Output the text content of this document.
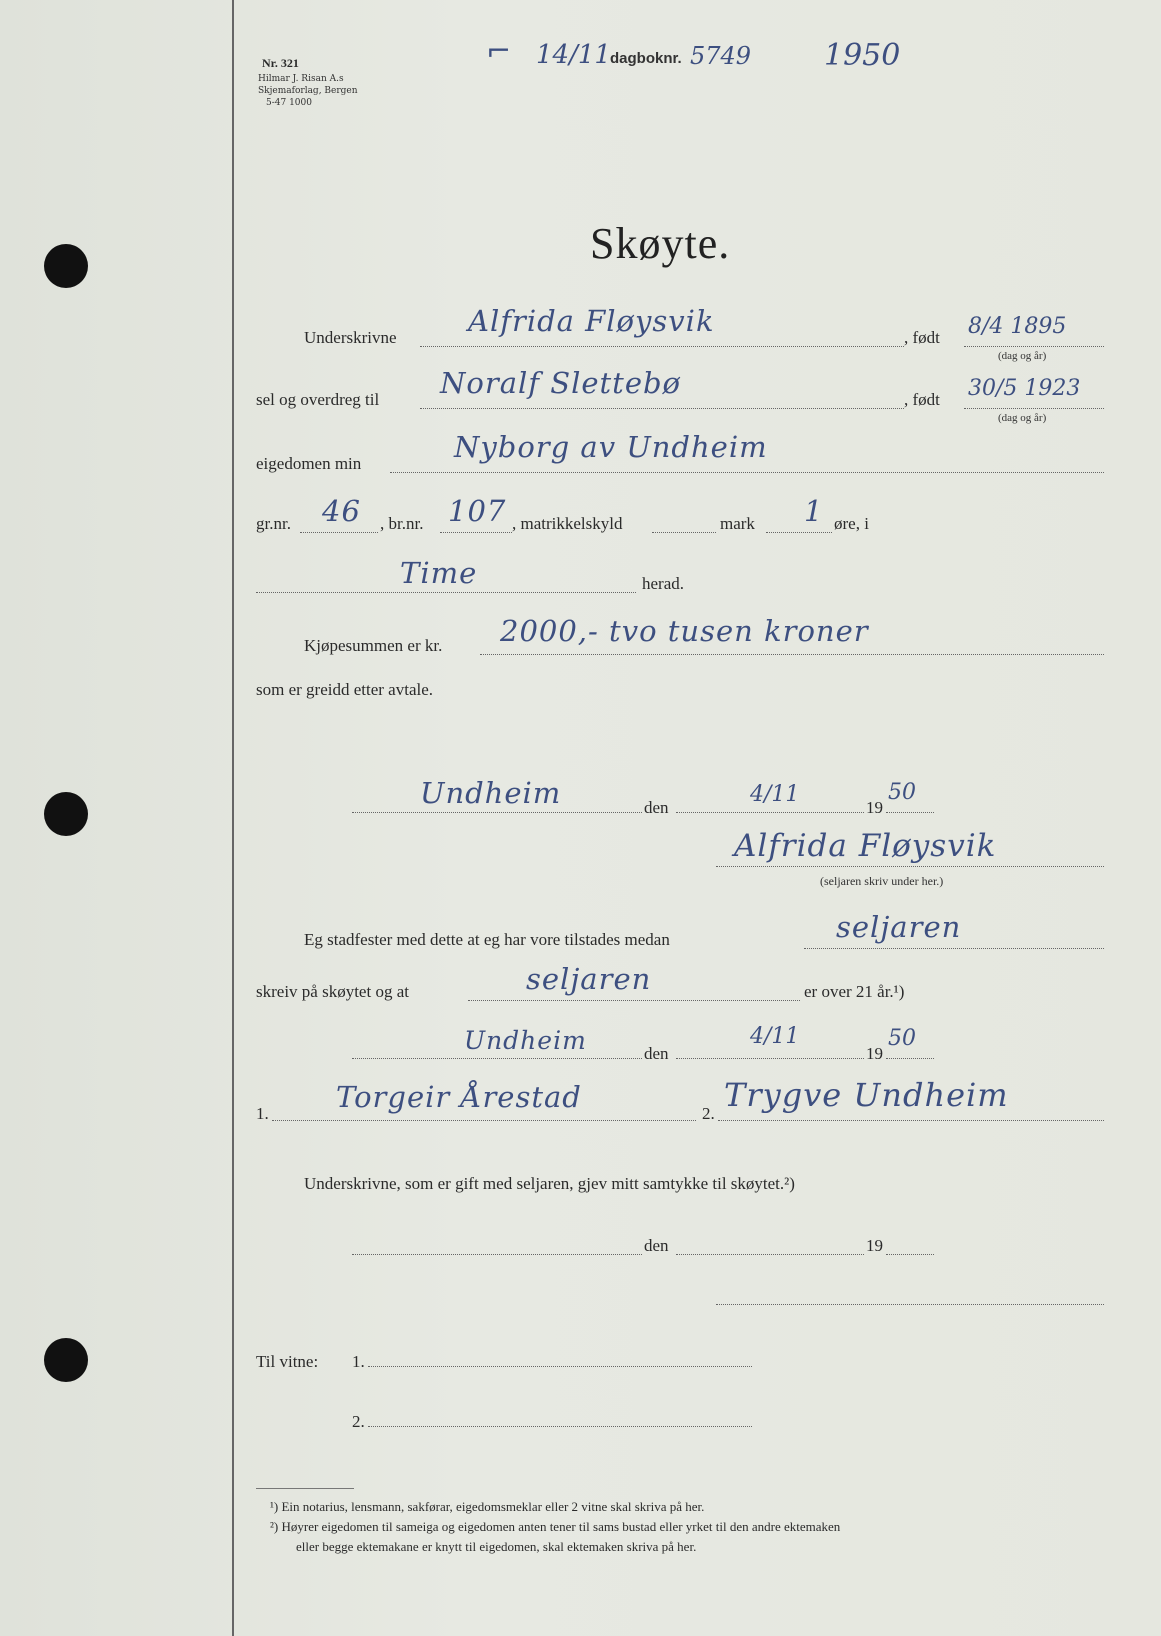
Nr. 321
Hilmar J. Risan A.s
Skjemaforlag, Bergen
5-47 1000
⌐ 14/11 dagboknr. 5749 1950
Skøyte.
Underskrivne Alfrida Fløysvik	, født 8/4 1895
(dag og år)
sel og overdreg til Noralf Slettebø	, født 30/5 1923
(dag og år)
eigedomen min	Nyborg av Undheim
gr.nr. 46 , br.nr. 107 , matrikkelskyld	mark 1 øre, i
Time	herad.
Kjøpesummen er kr. 2000,- tvo tusen kroner
som er greidd etter avtale.
Undheim	den
4/11
19
50
Alfrida Fløysvik
(seljaren skriv under her.)
Eg stadfester med dette at eg har vore tilstades medan	seljaren
skreiv på skøytet og at	seljaren	er over 21 år.¹)
Undheim	den
4/11
19
50
1. Torgeir Årestad	2. Trygve Undheim
Underskrivne, som er gift med seljaren, gjev mitt samtykke til skøytet.²)
den	19
Til vitne: 1.
2.
¹) Ein notarius, lensmann, sakførar, eigedomsmeklar eller 2 vitne skal skriva på her.
²) Høyrer eigedomen til sameiga og eigedomen anten tener til sams bustad eller yrket til den andre ektemaken
eller begge ektemakane er knytt til eigedomen, skal ektemaken skriva på her.
